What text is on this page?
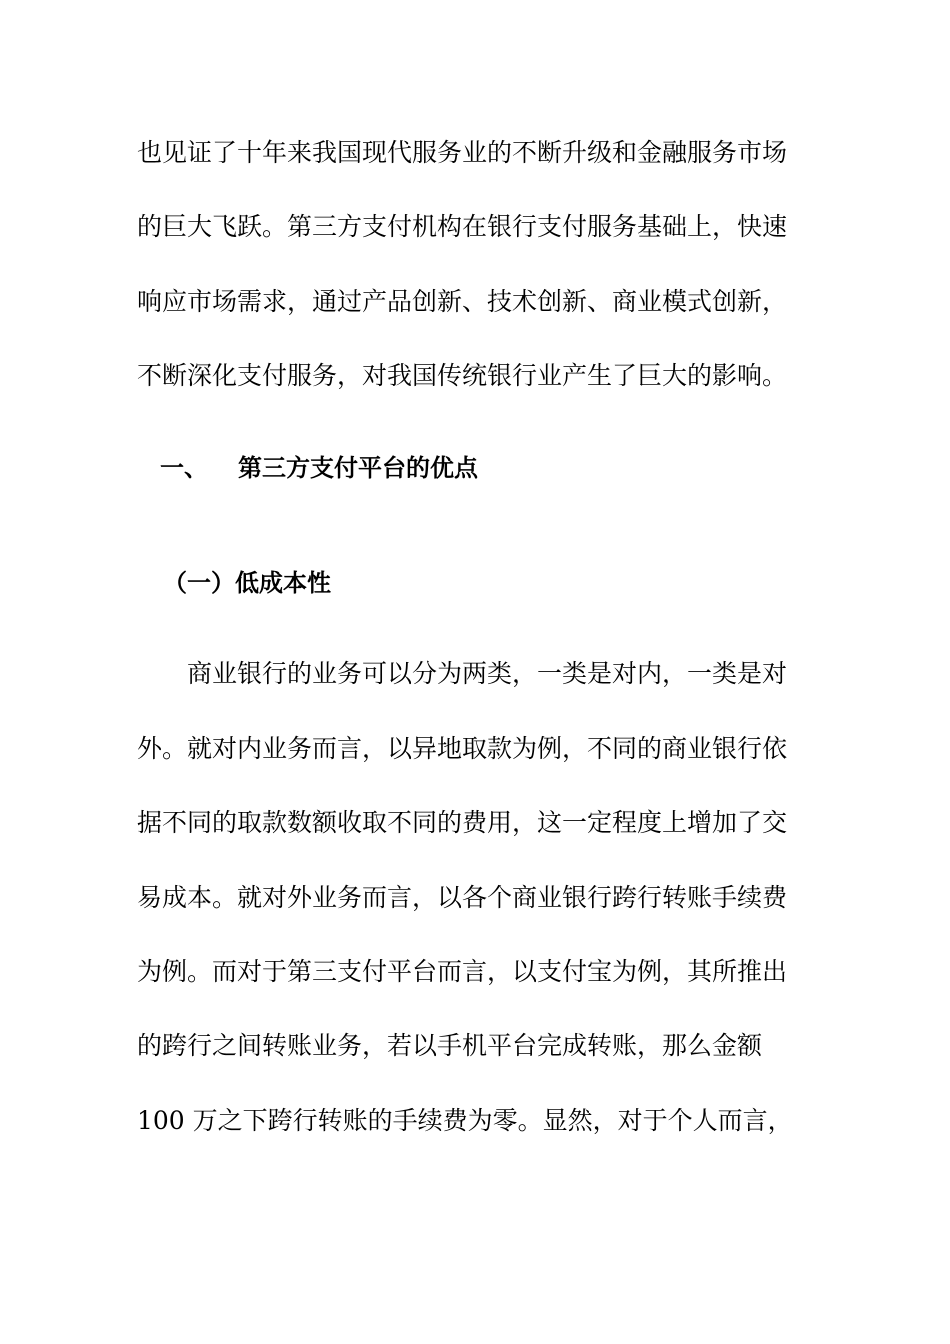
也见证了十年来我国现代服务业的不断升级和金融服务市场
的巨大飞跃。第三方支付机构在银行支付服务基础上，快速
响应市场需求，通过产品创新、技术创新、商业模式创新，
不断深化支付服务，对我国传统银行业产生了巨大的影响。
一、 第三方支付平台的优点
（一）低成本性
　商业银行的业务可以分为两类，一类是对内，一类是对
外。就对内业务而言，以异地取款为例，不同的商业银行依
据不同的取款数额收取不同的费用，这一定程度上增加了交
易成本。就对外业务而言，以各个商业银行跨行转账手续费
为例。而对于第三支付平台而言，以支付宝为例，其所推出
的跨行之间转账业务，若以手机平台完成转账，那么金额
100 万之下跨行转账的手续费为零。显然，对于个人而言，
